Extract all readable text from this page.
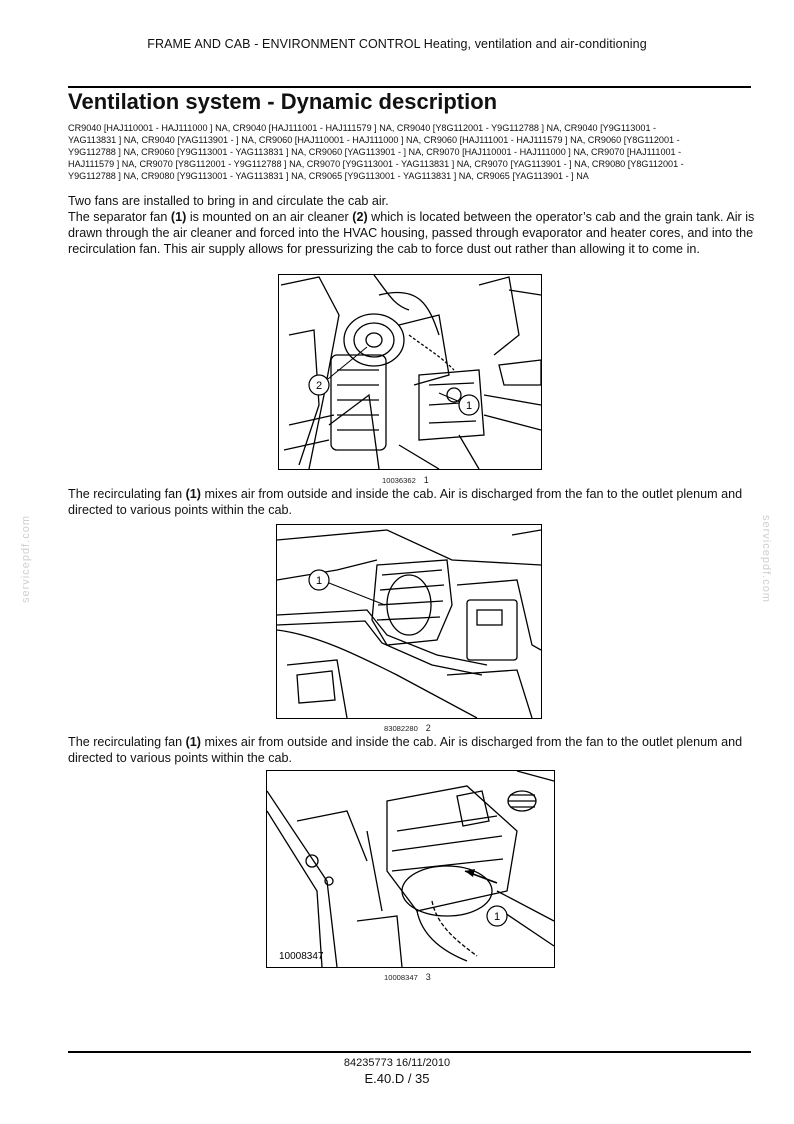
FRAME AND CAB - ENVIRONMENT CONTROL Heating, ventilation and air-conditioning
Ventilation system - Dynamic description
CR9040 [HAJ110001 - HAJ111000 ] NA, CR9040 [HAJ111001 - HAJ111579 ] NA, CR9040 [Y8G112001 - Y9G112788 ] NA, CR9040 [Y9G113001 -
YAG113831 ] NA, CR9040 [YAG113901 - ] NA, CR9060 [HAJ110001 - HAJ111000 ] NA, CR9060 [HAJ111001 - HAJ111579 ] NA, CR9060 [Y8G112001 -
Y9G112788 ] NA, CR9060 [Y9G113001 - YAG113831 ] NA, CR9060 [YAG113901 - ] NA, CR9070 [HAJ110001 - HAJ111000 ] NA, CR9070 [HAJ111001 -
HAJ111579 ] NA, CR9070 [Y8G112001 - Y9G112788 ] NA, CR9070 [Y9G113001 - YAG113831 ] NA, CR9070 [YAG113901 - ] NA, CR9080 [Y8G112001 -
Y9G112788 ] NA, CR9080 [Y9G113001 - YAG113831 ] NA, CR9065 [Y9G113001 - YAG113831 ] NA, CR9065 [YAG113901 - ] NA
Two fans are installed to bring in and circulate the cab air.
The separator fan (1) is mounted on an air cleaner (2) which is located between the operator’s cab and the grain tank. Air is drawn through the air cleaner and forced into the HVAC housing, passed through evaporator and heater cores, and into the recirculation fan. This air supply allows for pressurizing the cab to force dust out rather than allowing it to come in.
2
1
10036362 1
The recirculating fan (1) mixes air from outside and inside the cab. Air is discharged from the fan to the outlet plenum and directed to various points within the cab.
1
83082280 2
The recirculating fan (1) mixes air from outside and inside the cab. Air is discharged from the fan to the outlet plenum and directed to various points within the cab.
1
10008347
10008347 3
servicepdf.com	servicepdf.com
84235773 16/11/2010
E.40.D / 35
